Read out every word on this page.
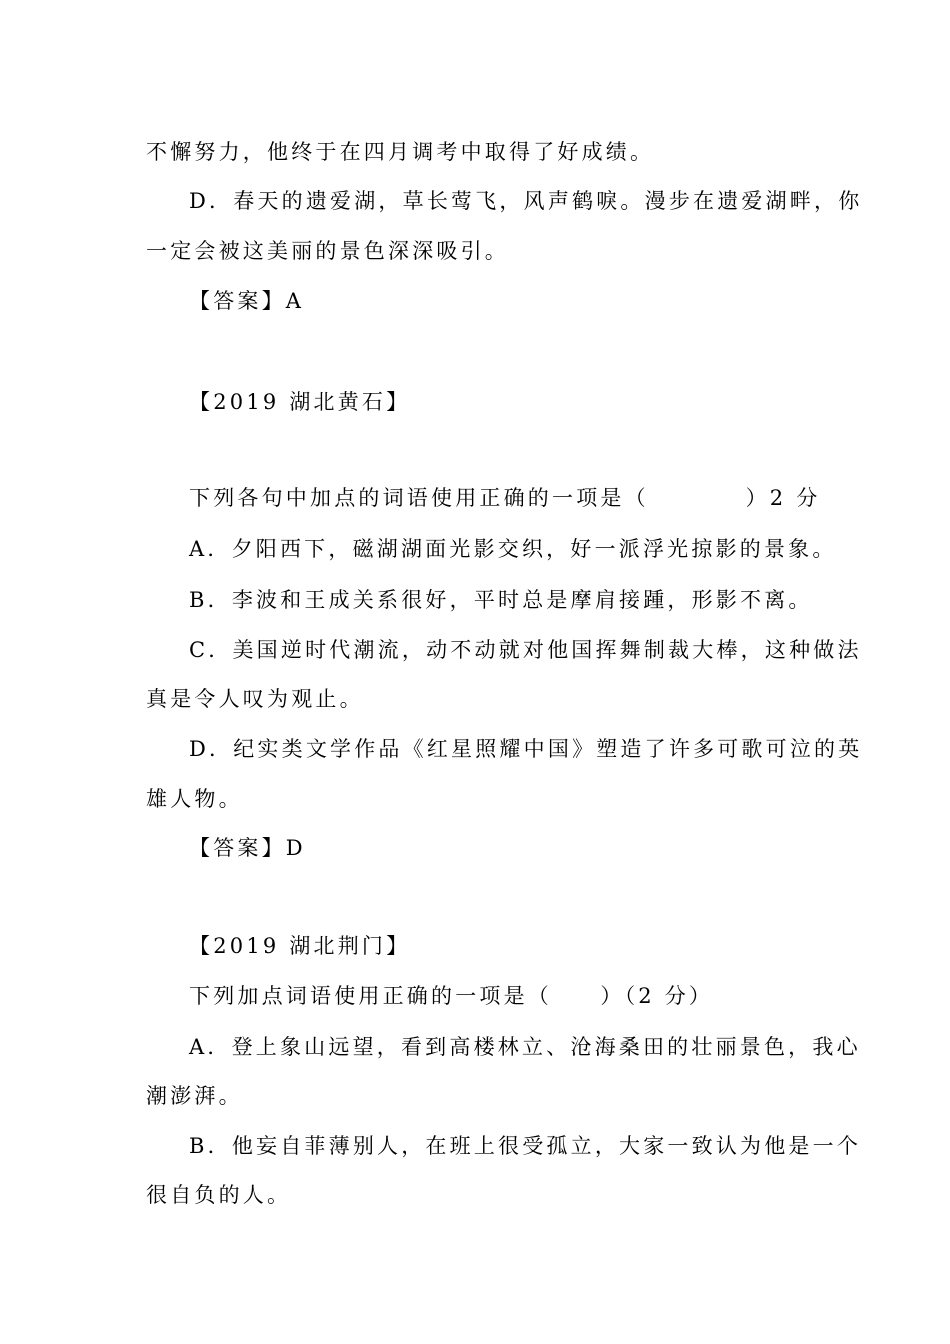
不懈努力，他终于在四月调考中取得了好成绩。
D．春天的遗爱湖，草长莺飞，风声鹤唳。漫步在遗爱湖畔，你
一定会被这美丽的景色深深吸引。
【答案】A
【2019 湖北黄石】
下列各句中加点的词语使用正确的一项是（　　　　）2 分
A．夕阳西下，磁湖湖面光影交织，好一派浮光掠影的景象。
B．李波和王成关系很好，平时总是摩肩接踵，形影不离。
C．美国逆时代潮流，动不动就对他国挥舞制裁大棒，这种做法
真是令人叹为观止。
D．纪实类文学作品《红星照耀中国》塑造了许多可歌可泣的英
雄人物。
【答案】D
【2019 湖北荆门】
下列加点词语使用正确的一项是（　　）（2 分）
A．登上象山远望，看到高楼林立、沧海桑田的壮丽景色，我心
潮澎湃。
B．他妄自菲薄别人，在班上很受孤立，大家一致认为他是一个
很自负的人。
